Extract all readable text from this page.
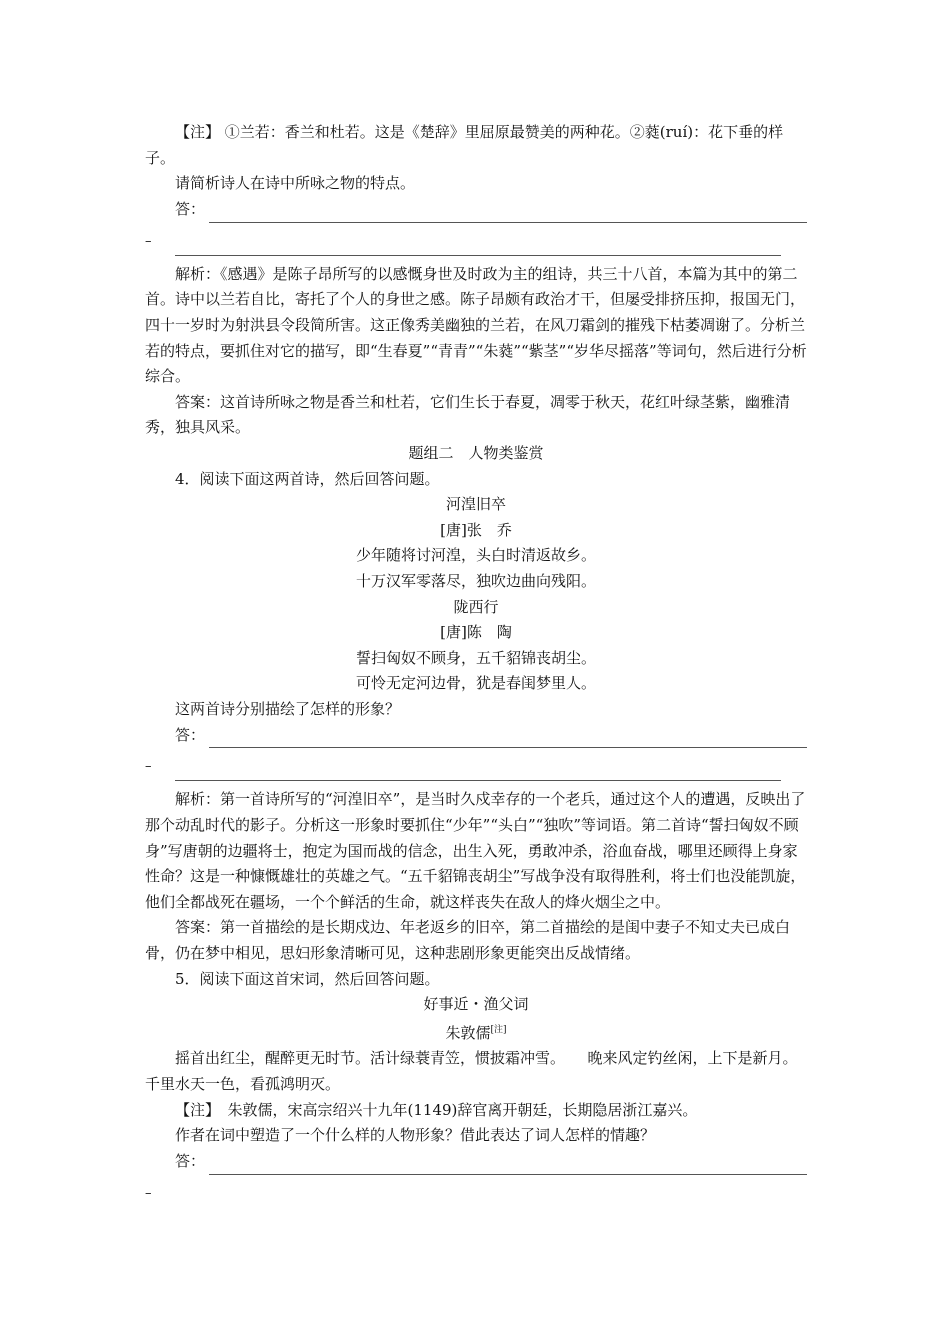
【注】 ①兰若：香兰和杜若。这是《楚辞》里屈原最赞美的两种花。②蕤(ruí)：花下垂的样子。

请简析诗人在诗中所咏之物的特点。

答：
–

解析：《感遇》是陈子昂所写的以感慨身世及时政为主的组诗，共三十八首，本篇为其中的第二首。诗中以兰若自比，寄托了个人的身世之感。陈子昂颇有政治才干，但屡受排挤压抑，报国无门，四十一岁时为射洪县令段简所害。这正像秀美幽独的兰若，在风刀霜剑的摧残下枯萎凋谢了。分析兰若的特点，要抓住对它的描写，即“生春夏”“青青”“朱蕤”“紫茎”“岁华尽摇落”等词句，然后进行分析综合。

答案：这首诗所咏之物是香兰和杜若，它们生长于春夏，凋零于秋天，花红叶绿茎紫，幽雅清秀，独具风采。

题组二　人物类鉴赏

4．阅读下面这两首诗，然后回答问题。

河湟旧卒

[唐]张　乔

少年随将讨河湟，头白时清返故乡。

十万汉军零落尽，独吹边曲向残阳。

陇西行

[唐]陈　陶

誓扫匈奴不顾身，五千貂锦丧胡尘。

可怜无定河边骨，犹是春闺梦里人。

这两首诗分别描绘了怎样的形象？

答：
–

解析：第一首诗所写的“河湟旧卒”，是当时久戍幸存的一个老兵，通过这个人的遭遇，反映出了那个动乱时代的影子。分析这一形象时要抓住“少年”“头白”“独吹”等词语。第二首诗“誓扫匈奴不顾身”写唐朝的边疆将士，抱定为国而战的信念，出生入死，勇敢冲杀，浴血奋战，哪里还顾得上身家性命？这是一种慷慨雄壮的英雄之气。“五千貂锦丧胡尘”写战争没有取得胜利，将士们也没能凯旋，他们全都战死在疆场，一个个鲜活的生命，就这样丧失在敌人的烽火烟尘之中。

答案：第一首描绘的是长期戍边、年老返乡的旧卒，第二首描绘的是闺中妻子不知丈夫已成白骨，仍在梦中相见，思妇形象清晰可见，这种悲剧形象更能突出反战情绪。

5．阅读下面这首宋词，然后回答问题。

好事近・渔父词

朱敦儒[注]

摇首出红尘，醒醉更无时节。活计绿蓑青笠，惯披霜冲雪。　　晚来风定钓丝闲，上下是新月。千里水天一色，看孤鸿明灭。

【注】　朱敦儒，宋高宗绍兴十九年(1149)辞官离开朝廷，长期隐居浙江嘉兴。

作者在词中塑造了一个什么样的人物形象？借此表达了词人怎样的情趣？

答：
–
